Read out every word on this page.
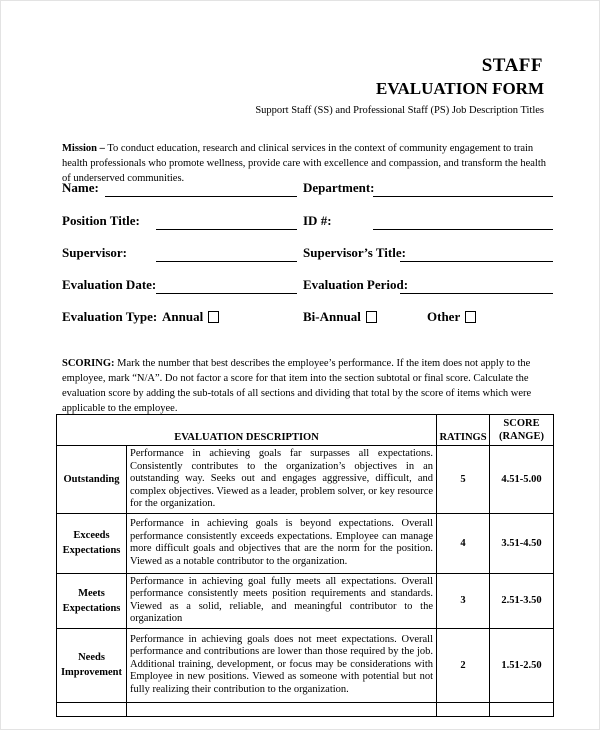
STAFF
EVALUATION FORM
Support Staff (SS) and Professional Staff (PS) Job Description Titles
Mission – To conduct education, research and clinical services in the context of community engagement to train health professionals who promote wellness, provide care with excellence and compassion, and transform the health of underserved communities.
Name:	Department:
Position Title:	ID #:
Supervisor:	Supervisor’s Title:
Evaluation Date:	Evaluation Period:
Evaluation Type: Annual	Bi-Annual	Other
SCORING: Mark the number that best describes the employee’s performance. If the item does not apply to the employee, mark “N/A”. Do not factor a score for that item into the section subtotal or final score. Calculate the evaluation score by adding the sub-totals of all sections and dividing that total by the score of items which were applicable to the employee.
EVALUATION DESCRIPTION		RATINGS	SCORE
(RANGE)
Outstanding	Performance in achieving goals far surpasses all expectations. Consistently contributes to the organization’s objectives in an outstanding way. Seeks out and engages aggressive, difficult, and complex objectives. Viewed as a leader, problem solver, or key resource for the organization.	5	4.51-5.00
Exceeds
Expectations	Performance in achieving goals is beyond expectations. Overall performance consistently exceeds expectations. Employee can manage more difficult goals and objectives that are the norm for the position. Viewed as a notable contributor to the organization.	4	3.51-4.50
Meets
Expectations	Performance in achieving goal fully meets all expectations. Overall performance consistently meets position requirements and standards. Viewed as a solid, reliable, and meaningful contributor to the organization	3	2.51-3.50
Needs
Improvement	Performance in achieving goals does not meet expectations. Overall performance and contributions are lower than those required by the job. Additional training, development, or focus may be considerations with Employee in new positions. Viewed as someone with potential but not fully realizing their contribution to the organization.	2	1.51-2.50
